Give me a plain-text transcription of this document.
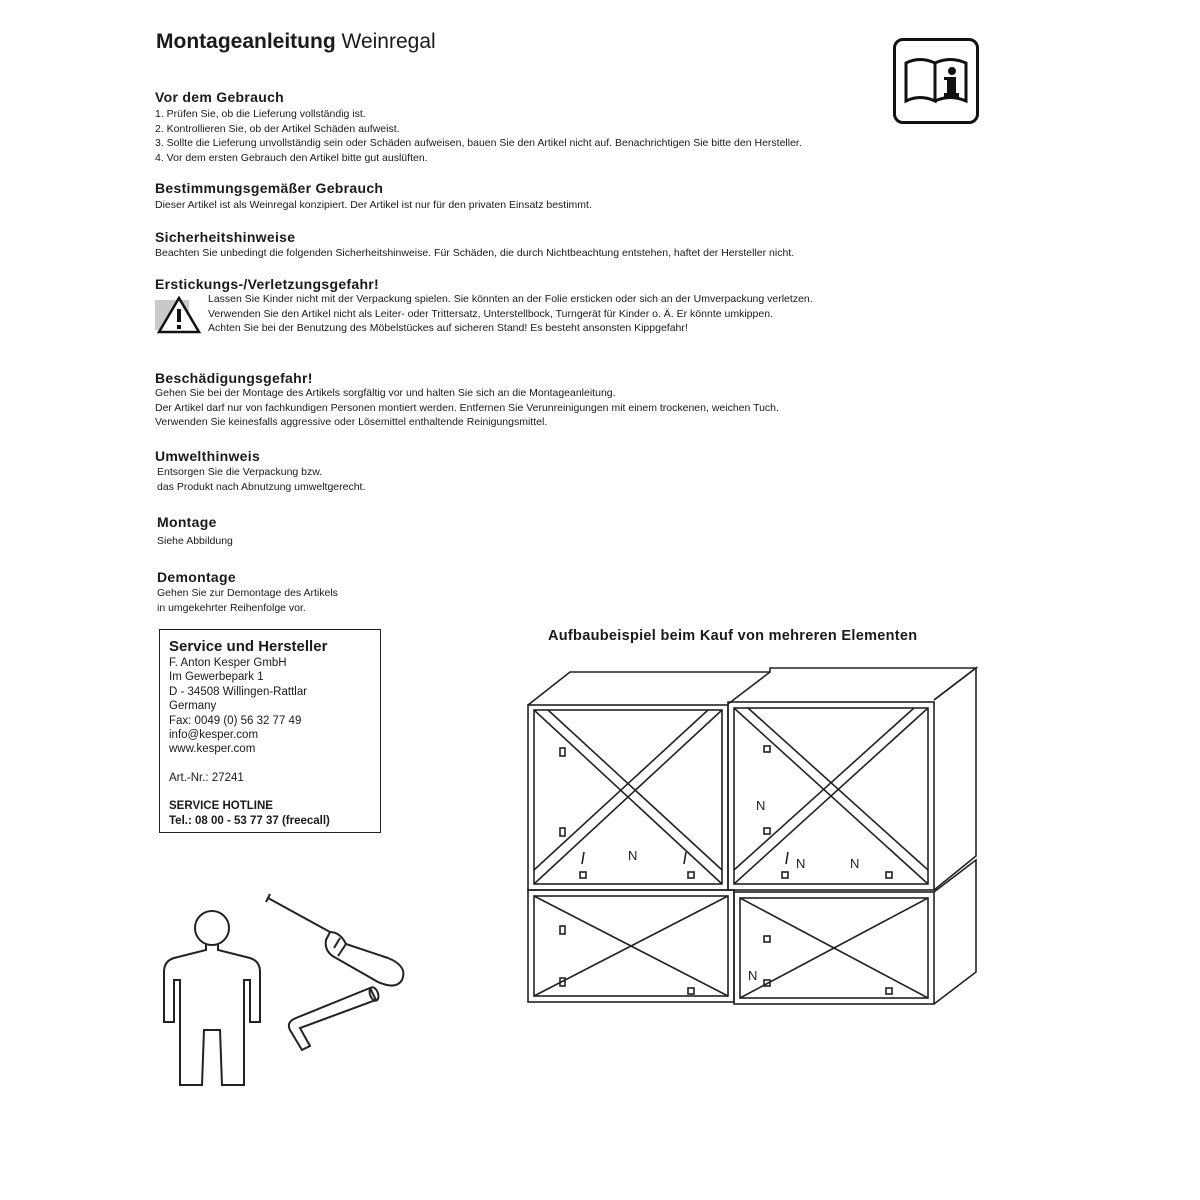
Montageanleitung Weinregal
Vor dem Gebrauch
1. Prüfen Sie, ob die Lieferung vollständig ist.
2. Kontrollieren Sie, ob der Artikel Schäden aufweist.
3. Sollte die Lieferung unvollständig sein oder Schäden aufweisen, bauen Sie den Artikel nicht auf. Benachrichtigen Sie bitte den Hersteller.
4. Vor dem ersten Gebrauch den Artikel bitte gut auslüften.
Bestimmungsgemäßer Gebrauch
Dieser Artikel ist als Weinregal konzipiert. Der Artikel ist nur für den privaten Einsatz bestimmt.
Sicherheitshinweise
Beachten Sie unbedingt die folgenden Sicherheitshinweise. Für Schäden, die durch Nichtbeachtung entstehen, haftet der Hersteller nicht.
Erstickungs-/Verletzungsgefahr!
Lassen Sie Kinder nicht mit der Verpackung spielen. Sie könnten an der Folie ersticken oder sich an der Umverpackung verletzen.
Verwenden Sie den Artikel nicht als Leiter- oder Trittersatz, Unterstellbock, Turngerät für Kinder o. Ä. Er könnte umkippen.
Achten Sie bei der Benutzung des Möbelstückes auf sicheren Stand! Es besteht ansonsten Kippgefahr!
Beschädigungsgefahr!
Gehen Sie bei der Montage des Artikels sorgfältig vor und halten Sie sich an die Montageanleitung.
Der Artikel darf nur von fachkundigen Personen montiert werden. Entfernen Sie Verunreinigungen mit einem trockenen, weichen Tuch.
Verwenden Sie keinesfalls aggressive oder Lösemittel enthaltende Reinigungsmittel.
Umwelthinweis
Entsorgen Sie die Verpackung bzw.
das Produkt nach Abnutzung umweltgerecht.
Montage
Siehe Abbildung
Demontage
Gehen Sie zur Demontage des Artikels
in umgekehrter Reihenfolge vor.
Service und Hersteller
F. Anton Kesper GmbH
Im Gewerbepark 1
D - 34508 Willingen-Rattlar
Germany
Fax: 0049 (0) 56 32 77 49
info@kesper.com
www.kesper.com
Art.-Nr.: 27241
SERVICE HOTLINE
Tel.: 08 00 - 53 77 37 (freecall)
Aufbaubeispiel beim Kauf von mehreren Elementen
N
N
N	N
N
